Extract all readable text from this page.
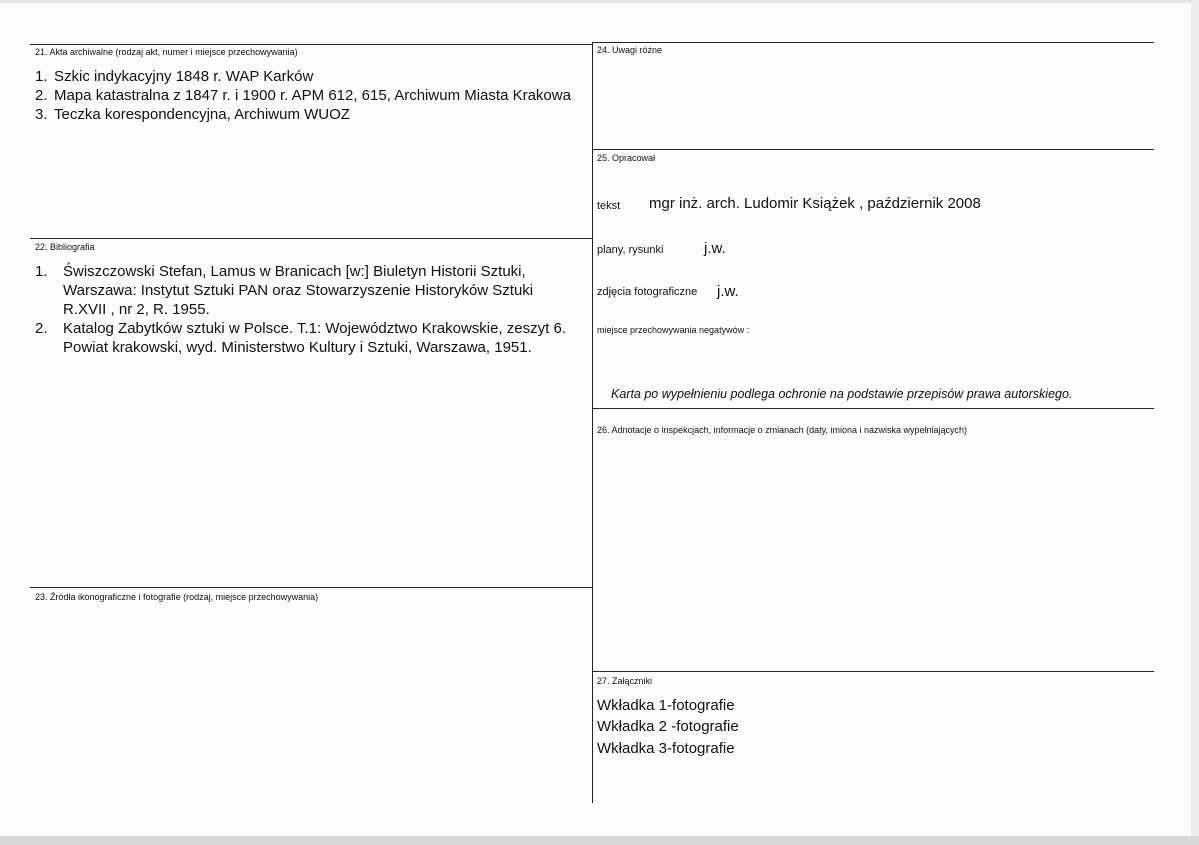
21. Akta archiwalne (rodzaj akt, numer i miejsce przechowywania)
1. Szkic indykacyjny 1848 r. WAP Karków
2. Mapa katastralna z 1847 r. i 1900 r. APM 612, 615, Archiwum Miasta Krakowa
3. Teczka korespondencyjna, Archiwum WUOZ
22. Bibliografia
1. Świszczowski Stefan, Lamus w Branicach [w:] Biuletyn Historii Sztuki, Warszawa: Instytut Sztuki PAN oraz Stowarzyszenie Historyków Sztuki R.XVII , nr 2, R. 1955.
2. Katalog Zabytków sztuki w Polsce. T.1: Województwo Krakowskie, zeszyt 6. Powiat krakowski, wyd. Ministerstwo Kultury i Sztuki, Warszawa, 1951.
23. Źródła ikonograficzne i fotografie (rodzaj, miejsce przechowywania)
24. Uwagi różne
25. Opracował
tekst mgr inż. arch. Ludomir Książek , październik 2008
plany, rysunki	j.w.
zdjęcia fotograficzne j.w.
miejsce przechowywania negatywów :
Karta po wypełnieniu podlega ochronie na podstawie przepisów prawa autorskiego.
26. Adnotacje o inspekcjach, informacje o zmianach (daty, imiona i nazwiska wypełniających)
27. Załączniki
Wkładka 1-fotografie
Wkładka 2 -fotografie
Wkładka 3-fotografie
